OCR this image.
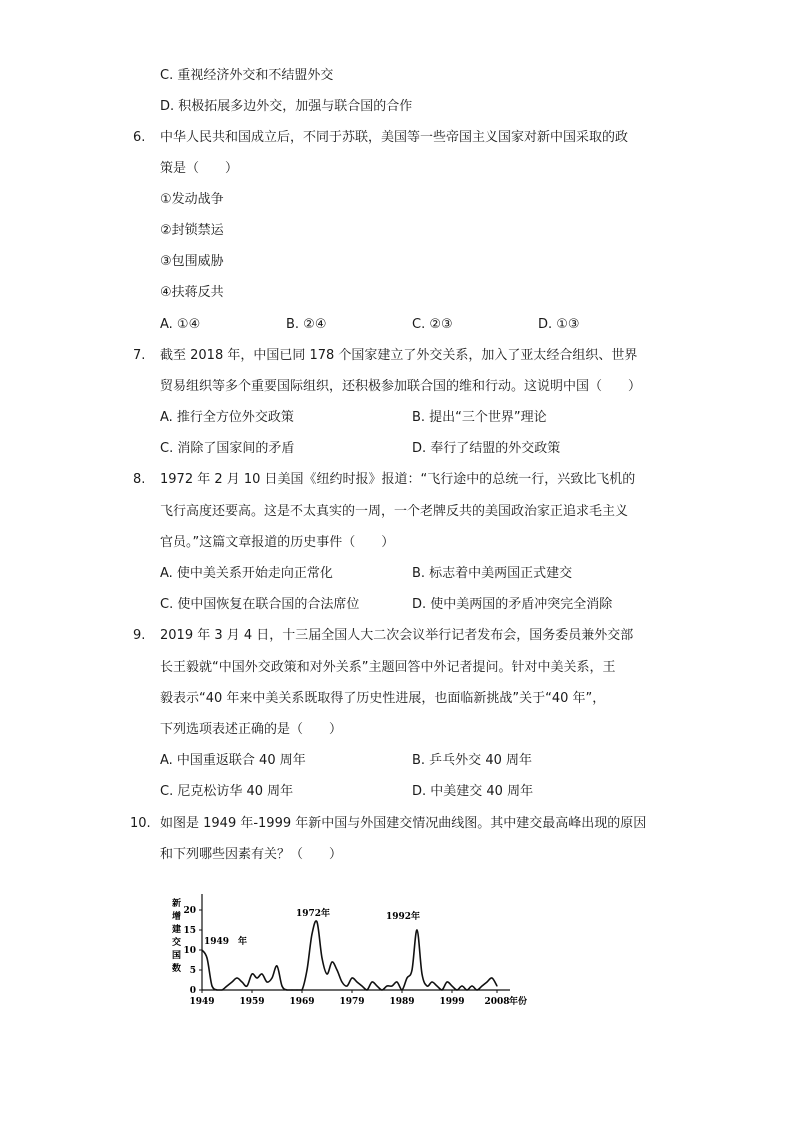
C. 重视经济外交和不结盟外交
D. 积极拓展多边外交，加强与联合国的合作
6. 中华人民共和国成立后，不同于苏联，美国等一些帝国主义国家对新中国采取的政
策是（　　）
①发动战争
②封锁禁运
③包围威胁
④扶蒋反共
A. ①④	B. ②④	C. ②③	D. ①③
7. 截至 2018 年，中国已同 178 个国家建立了外交关系，加入了亚太经合组织、世界
贸易组织等多个重要国际组织，还积极参加联合国的维和行动。这说明中国（　　）
A. 推行全方位外交政策	B. 提出“三个世界”理论
C. 消除了国家间的矛盾	D. 奉行了结盟的外交政策
8. 1972 年 2 月 10 日美国《纽约时报》报道：“飞行途中的总统一行，兴致比飞机的
飞行高度还要高。这是不太真实的一周，一个老牌反共的美国政治家正追求毛主义
官员。”这篇文章报道的历史事件（　　）
A. 使中美关系开始走向正常化	B. 标志着中美两国正式建交
C. 使中国恢复在联合国的合法席位	D. 使中美两国的矛盾冲突完全消除
9. 2019 年 3 月 4 日，十三届全国人大二次会议举行记者发布会，国务委员兼外交部
长王毅就“中国外交政策和对外关系”主题回答中外记者提问。针对中美关系，王
毅表示“40 年来中美关系既取得了历史性进展，也面临新挑战”关于“40 年”，
下列选项表述正确的是（　　）
A. 中国重返联合 40 周年	B. 乒乓外交 40 周年
C. 尼克松访华 40 周年	D. 中美建交 40 周年
10. 如图是 1949 年-1999 年新中国与外国建交情况曲线图。其中建交最高峰出现的原因
和下列哪些因素有关？（　　）
新
增
建
交
国
数
0
5
10
15
20
1949	1959	1969	1979	1989	1999 2008 年份
1949　年
1972年	1992年
